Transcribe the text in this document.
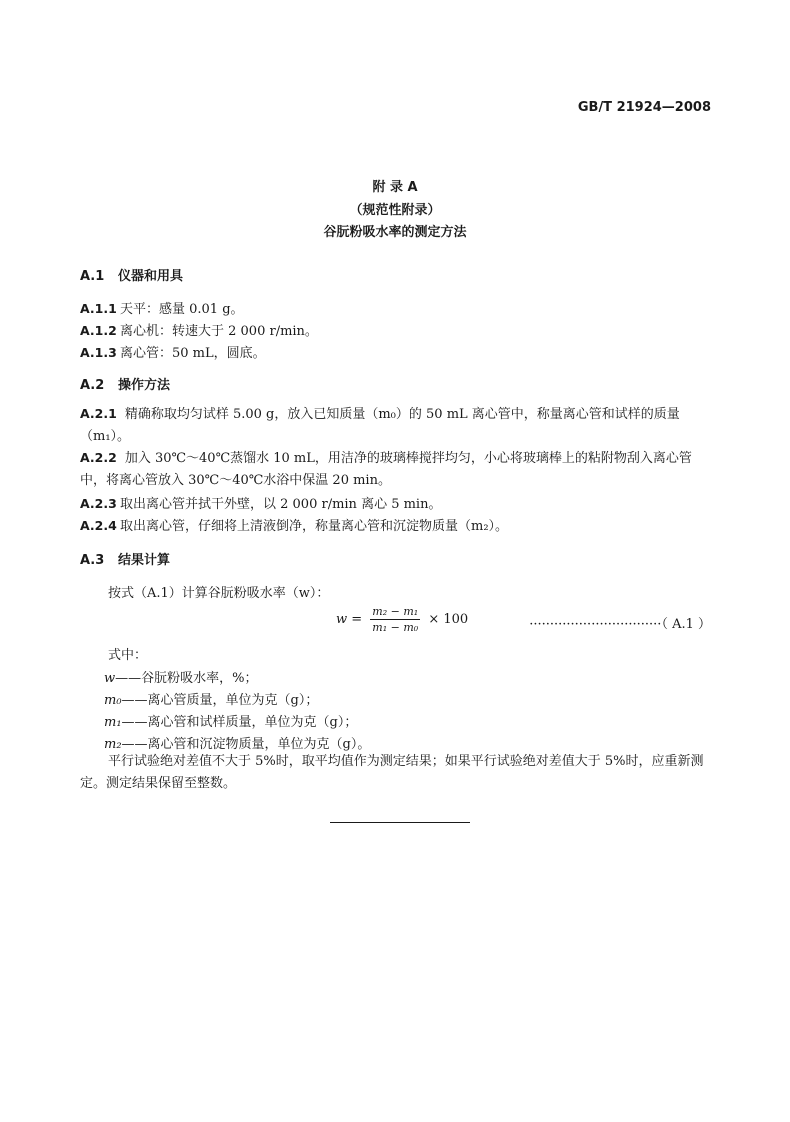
GB/T 21924—2008
附 录 A
（规范性附录）
谷朊粉吸水率的测定方法
A.1 仪器和用具
A.1.1 天平：感量 0.01 g。
A.1.2 离心机：转速大于 2 000 r/min。
A.1.3 离心管：50 mL，圆底。
A.2 操作方法
A.2.1 精确称取均匀试样 5.00 g，放入已知质量（m₀）的 50 mL 离心管中，称量离心管和试样的质量（m₁）。
A.2.2 加入 30℃～40℃蒸馏水 10 mL，用洁净的玻璃棒搅拌均匀，小心将玻璃棒上的粘附物刮入离心管中，将离心管放入 30℃～40℃水浴中保温 20 min。
A.2.3 取出离心管并拭干外壁，以 2 000 r/min 离心 5 min。
A.2.4 取出离心管，仔细将上清液倒净，称量离心管和沉淀物质量（m₂）。
A.3 结果计算
按式（A.1）计算谷朊粉吸水率（w）：
$w = \frac{\text{m₂ − m₁}}{\text{m₁ − m₀}} \times 100$	································（ A.1 ）
式中：
w——谷朊粉吸水率，%；
m₀——离心管质量，单位为克（g）；
m₁——离心管和试样质量，单位为克（g）；
m₂——离心管和沉淀物质量，单位为克（g）。
平行试验绝对差值不大于 5%时，取平均值作为测定结果；如果平行试验绝对差值大于 5%时，应重新测定。测定结果保留至整数。
